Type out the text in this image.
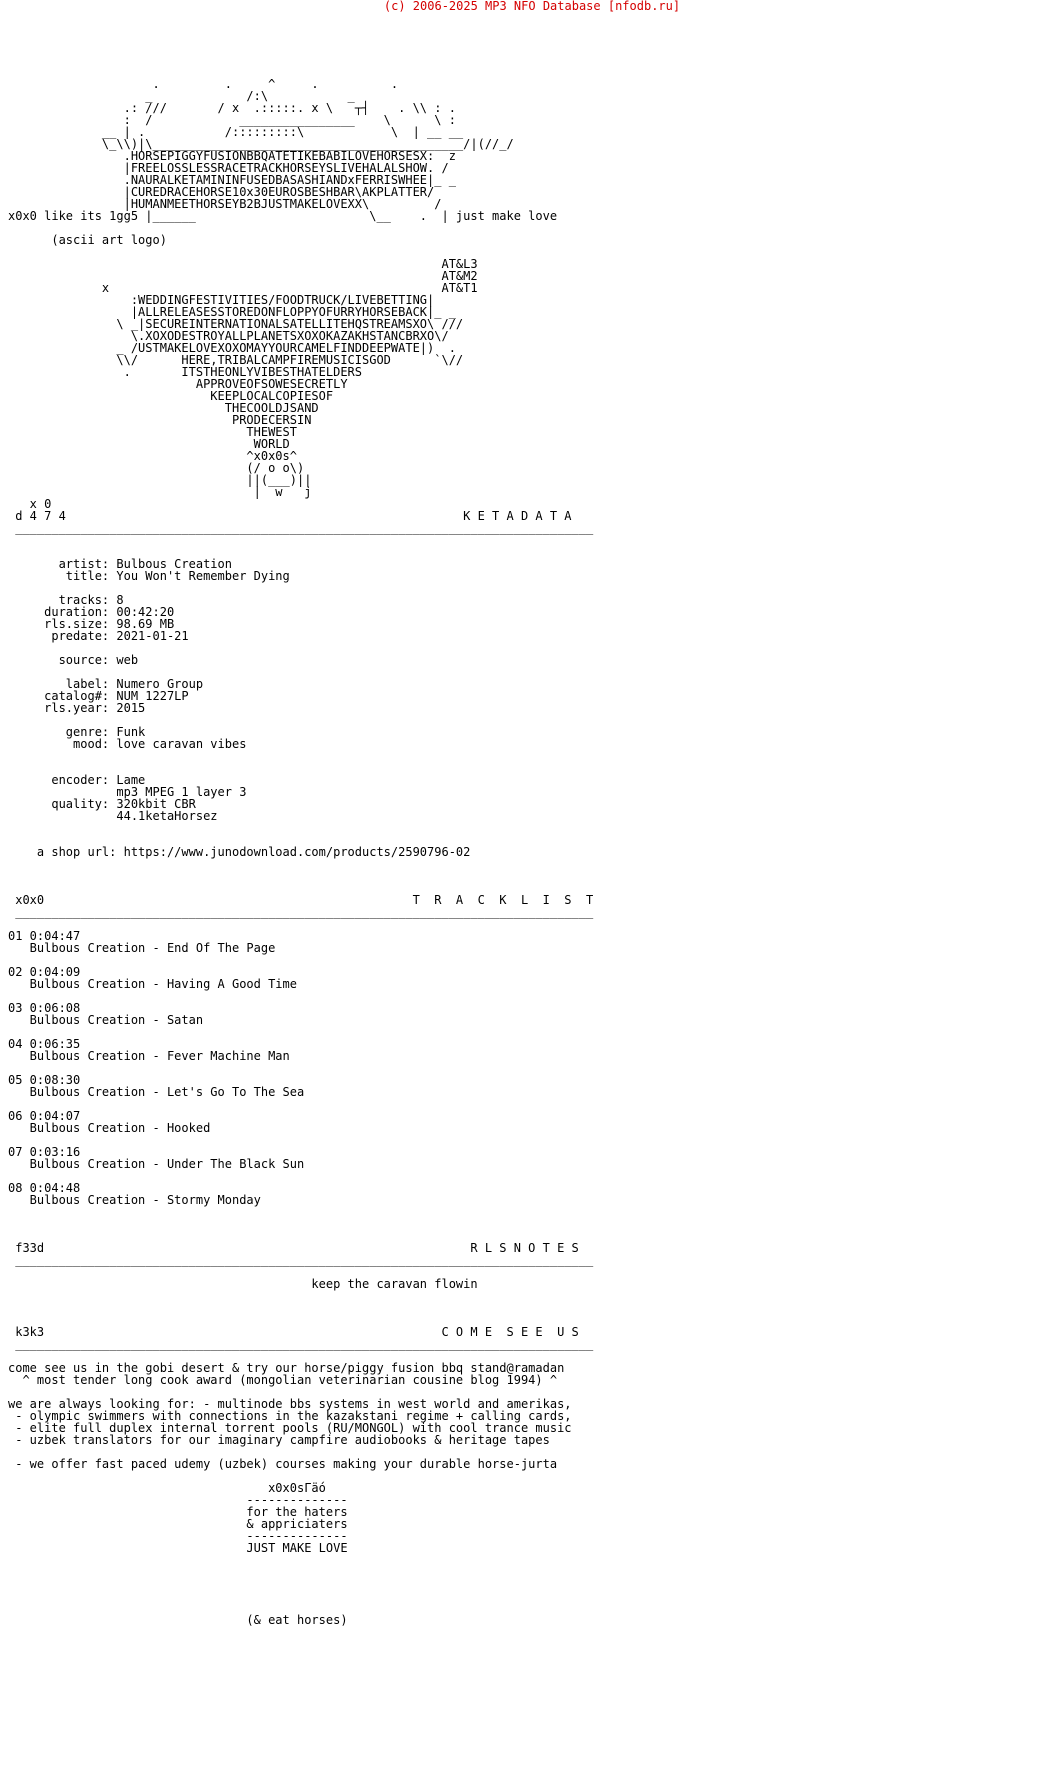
(c) 2006-2025 MP3 NFO Database [nfodb.ru]
.         .     ^     .          .
_             /:\           _
.: ///       / x  .:::::. x \   ┬┤    . \\ : .
:  /            ________________    \      \ :
__ | .           /:::::::::\            \  | __ __
\_\\)|\___________________________________________/|(//_/
.HORSEPIGGYFUSIONBBQATETIKEBABILOVEHORSESX:  z
|FREELOSSLESSRACETRACKHORSEYSLIVEHALALSHOW. /
.NAURALKETAMININFUSEDBASASHIANDxFERRISWHEE|_ _
|CUREDRACEHORSE10x30EUROSBESHBAR\AKPLATTER/
|HUMANMEETHORSEYB2BJUSTMAKELOVEXX\         /
x0x0 like its 1gg5 |______                        \__    .  | just make love

(ascii art logo)

AT&L3
AT&M2
x                                              AT&T1
:WEDDINGFESTIVITIES/FOODTRUCK/LIVEBETTING|
|ALLRELEASESSTOREDONFLOPPYOFURRYHORSEBACK|_ _
\ _|SECUREINTERNATIONALSATELLITEHQSTREAMSXO\ ///
\.XOXODESTROYALLPLANETSXOXOKAZAKHSTANCBRXO\/
_ /USTMAKELOVEXOXOMAYYOURCAMELFINDDEEPWATE|)  .
\\/      HERE,TRIBALCAMPFIREMUSICISGOD      `\//
.       ITSTHEONLYVIBESTHATELDERS
APPROVEOFSOWESECRETLY
KEEPLOCALCOPIESOF
THECOOLDJSAND
PRODECERSIN
THEWEST
WORLD
^x0x0s^
(/ o o\)
||(___)||
|  w   j
x 0
d 4 7 4                                                       K E T A D A T A
________________________________________________________________________________

artist: Bulbous Creation
title: You Won't Remember Dying

tracks: 8
duration: 00:42:20
rls.size: 98.69 MB
predate: 2021-01-21

source: web

label: Numero Group
catalog#: NUM 1227LP
rls.year: 2015

genre: Funk
mood: love caravan vibes

encoder: Lame
mp3 MPEG 1 layer 3
quality: 320kbit CBR
44.1ketaHorsez

a shop url: https://www.junodownload.com/products/2590796-02

x0x0                                                   T  R  A  C  K  L  I  S  T
________________________________________________________________________________

01 0:04:47
Bulbous Creation - End Of The Page

02 0:04:09
Bulbous Creation - Having A Good Time

03 0:06:08
Bulbous Creation - Satan

04 0:06:35
Bulbous Creation - Fever Machine Man

05 0:08:30
Bulbous Creation - Let's Go To The Sea

06 0:04:07
Bulbous Creation - Hooked

07 0:03:16
Bulbous Creation - Under The Black Sun

08 0:04:48
Bulbous Creation - Stormy Monday

f33d                                                           R L S N O T E S
________________________________________________________________________________

keep the caravan flowin

k3k3                                                       C O M E  S E E  U S
________________________________________________________________________________

come see us in the gobi desert & try our horse/piggy fusion bbq stand@ramadan
^ most tender long cook award (mongolian veterinarian cousine blog 1994) ^

we are always looking for: - multinode bbs systems in west world and amerikas,
- olympic swimmers with connections in the kazakstani regime + calling cards,
- elite full duplex internal torrent pools (RU/MONGOL) with cool trance music
- uzbek translators for our imaginary campfire audiobooks & heritage tapes

- we offer fast paced udemy (uzbek) courses making your durable horse-jurta

x0x0sГäó
--------------
for the haters
& appriciaters
--------------
JUST MAKE LOVE

(& eat horses)
